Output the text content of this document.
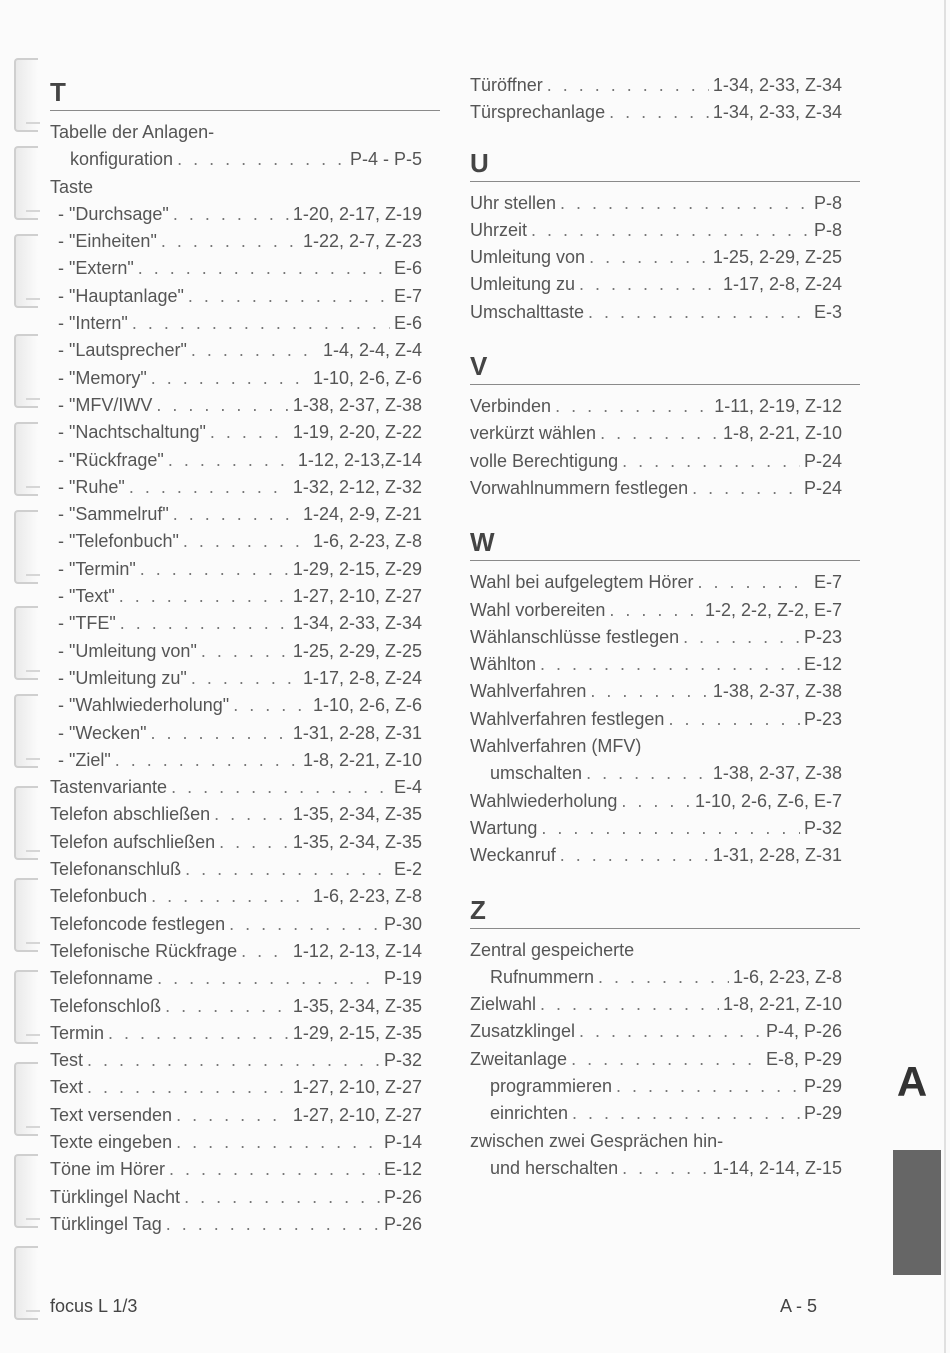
T
Tabelle der Anlagen-
konfiguration . . .	P-4 - P-5
Taste
- "Durchsage" . . .	1-20, 2-17, Z-19
- "Einheiten" . . .	1-22, 2-7, Z-23
- "Extern" . . .	E-6
- "Hauptanlage" . . .	E-7
- "Intern" . . .	E-6
- "Lautsprecher" . . .	1-4, 2-4, Z-4
- "Memory" . . .	1-10, 2-6, Z-6
- "MFV/IWV . . .	1-38, 2-37, Z-38
- "Nachtschaltung" . . .	1-19, 2-20, Z-22
- "Rückfrage" . . .	1-12, 2-13,Z-14
- "Ruhe" . . .	1-32, 2-12, Z-32
- "Sammelruf" . . .	1-24, 2-9, Z-21
- "Telefonbuch" . . .	1-6, 2-23, Z-8
- "Termin" . . .	1-29, 2-15, Z-29
- "Text" . . .	1-27, 2-10, Z-27
- "TFE" . . .	1-34, 2-33, Z-34
- "Umleitung von" . . .	1-25, 2-29, Z-25
- "Umleitung zu" . . .	1-17, 2-8, Z-24
- "Wahlwiederholung" . . .	1-10, 2-6, Z-6
- "Wecken" . . .	1-31, 2-28, Z-31
- "Ziel" . . .	1-8, 2-21, Z-10
Tastenvariante . . .	E-4
Telefon abschließen . . .	1-35, 2-34, Z-35
Telefon aufschließen . . .	1-35, 2-34, Z-35
Telefonanschluß . . .	E-2
Telefonbuch . . .	1-6, 2-23, Z-8
Telefoncode festlegen . . .	P-30
Telefonische Rückfrage . . .	1-12, 2-13, Z-14
Telefonname . . .	P-19
Telefonschloß . . .	1-35, 2-34, Z-35
Termin . . .	1-29, 2-15, Z-35
Test . . .	P-32
Text . . .	1-27, 2-10, Z-27
Text versenden . . .	1-27, 2-10, Z-27
Texte eingeben . . .	P-14
Töne im Hörer . . .	E-12
Türklingel Nacht . . .	P-26
Türklingel Tag . . .	P-26
Türöffner . . .	1-34, 2-33, Z-34
Türsprechanlage . . .	1-34, 2-33, Z-34
U
Uhr stellen . . .	P-8
Uhrzeit . . .	P-8
Umleitung von . . .	1-25, 2-29, Z-25
Umleitung zu . . .	1-17, 2-8, Z-24
Umschalttaste . . .	E-3
V
Verbinden . . .	1-11, 2-19, Z-12
verkürzt wählen . . .	1-8, 2-21, Z-10
volle Berechtigung . . .	P-24
Vorwahlnummern festlegen . . .	P-24
W
Wahl bei aufgelegtem Hörer . . .	E-7
Wahl vorbereiten . . .	1-2, 2-2, Z-2, E-7
Wählanschlüsse festlegen . . .	P-23
Wählton . . .	E-12
Wahlverfahren . . .	1-38, 2-37, Z-38
Wahlverfahren festlegen . . .	P-23
Wahlverfahren (MFV)
umschalten . . .	1-38, 2-37, Z-38
Wahlwiederholung . . .	1-10, 2-6, Z-6, E-7
Wartung . . .	P-32
Weckanruf . . .	1-31, 2-28, Z-31
Z
Zentral gespeicherte
Rufnummern . . .	1-6, 2-23, Z-8
Zielwahl . . .	1-8, 2-21, Z-10
Zusatzklingel . . .	P-4, P-26
Zweitanlage . . .	E-8, P-29
programmieren . . .	P-29
einrichten . . .	P-29
zwischen zwei Gesprächen hin-
und herschalten . . .	1-14, 2-14, Z-15
A
focus L 1/3	A - 5
